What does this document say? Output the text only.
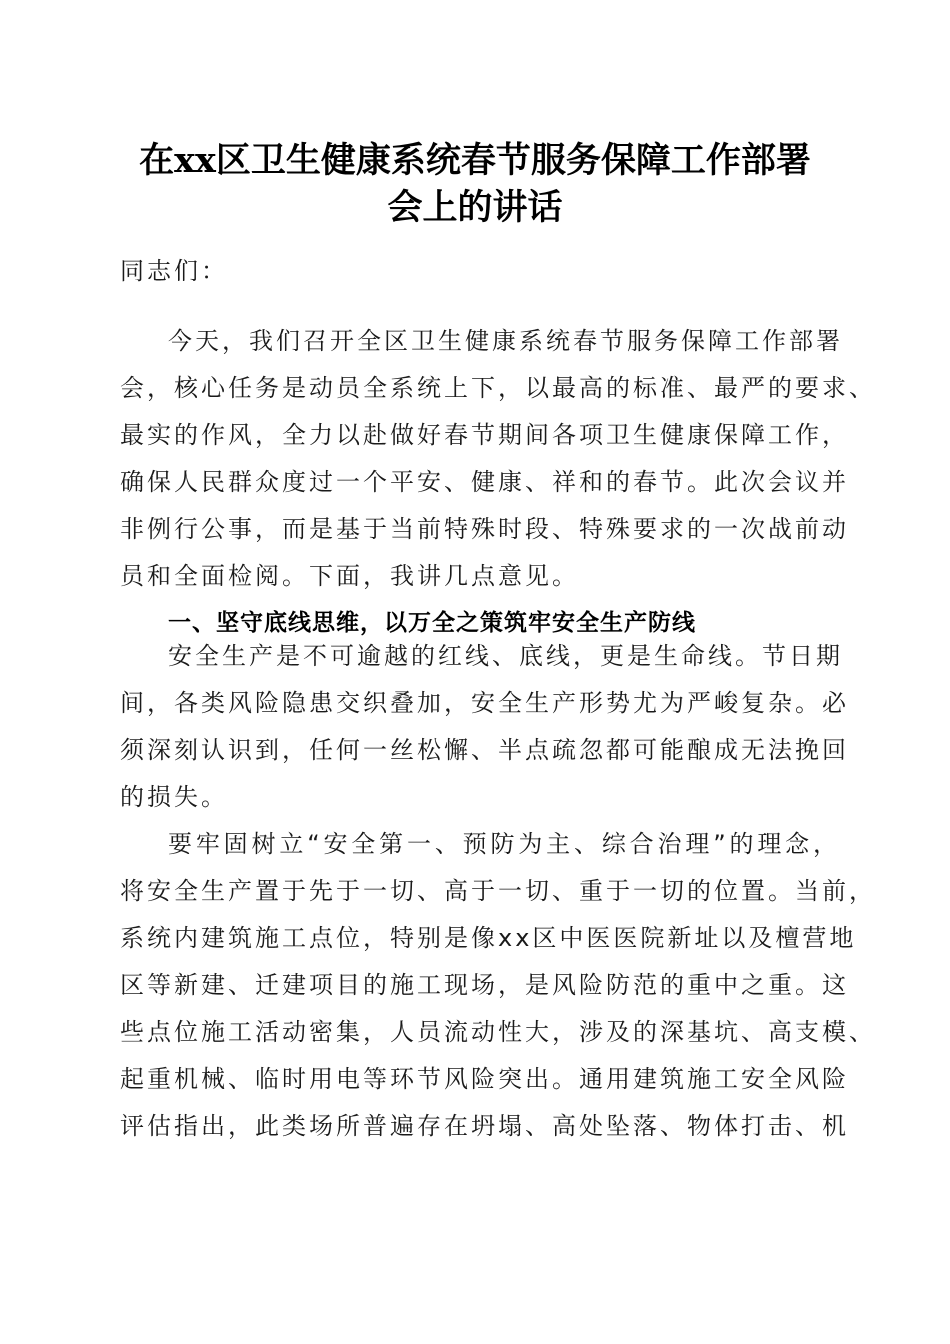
在xx区卫生健康系统春节服务保障工作部署
会上的讲话
同志们：
今天，我们召开全区卫生健康系统春节服务保障工作部署
会，核心任务是动员全系统上下，以最高的标准、最严的要求、
最实的作风，全力以赴做好春节期间各项卫生健康保障工作，
确保人民群众度过一个平安、健康、祥和的春节。此次会议并
非例行公事，而是基于当前特殊时段、特殊要求的一次战前动
员和全面检阅。下面，我讲几点意见。
一、坚守底线思维，以万全之策筑牢安全生产防线
安全生产是不可逾越的红线、底线，更是生命线。节日期
间，各类风险隐患交织叠加，安全生产形势尤为严峻复杂。必
须深刻认识到，任何一丝松懈、半点疏忽都可能酿成无法挽回
的损失。
要牢固树立“安全第一、预防为主、综合治理”的理念，
将安全生产置于先于一切、高于一切、重于一切的位置。当前，
系统内建筑施工点位，特别是像xx区中医医院新址以及檀营地
区等新建、迁建项目的施工现场，是风险防范的重中之重。这
些点位施工活动密集，人员流动性大，涉及的深基坑、高支模、
起重机械、临时用电等环节风险突出。通用建筑施工安全风险
评估指出，此类场所普遍存在坍塌、高处坠落、物体打击、机
